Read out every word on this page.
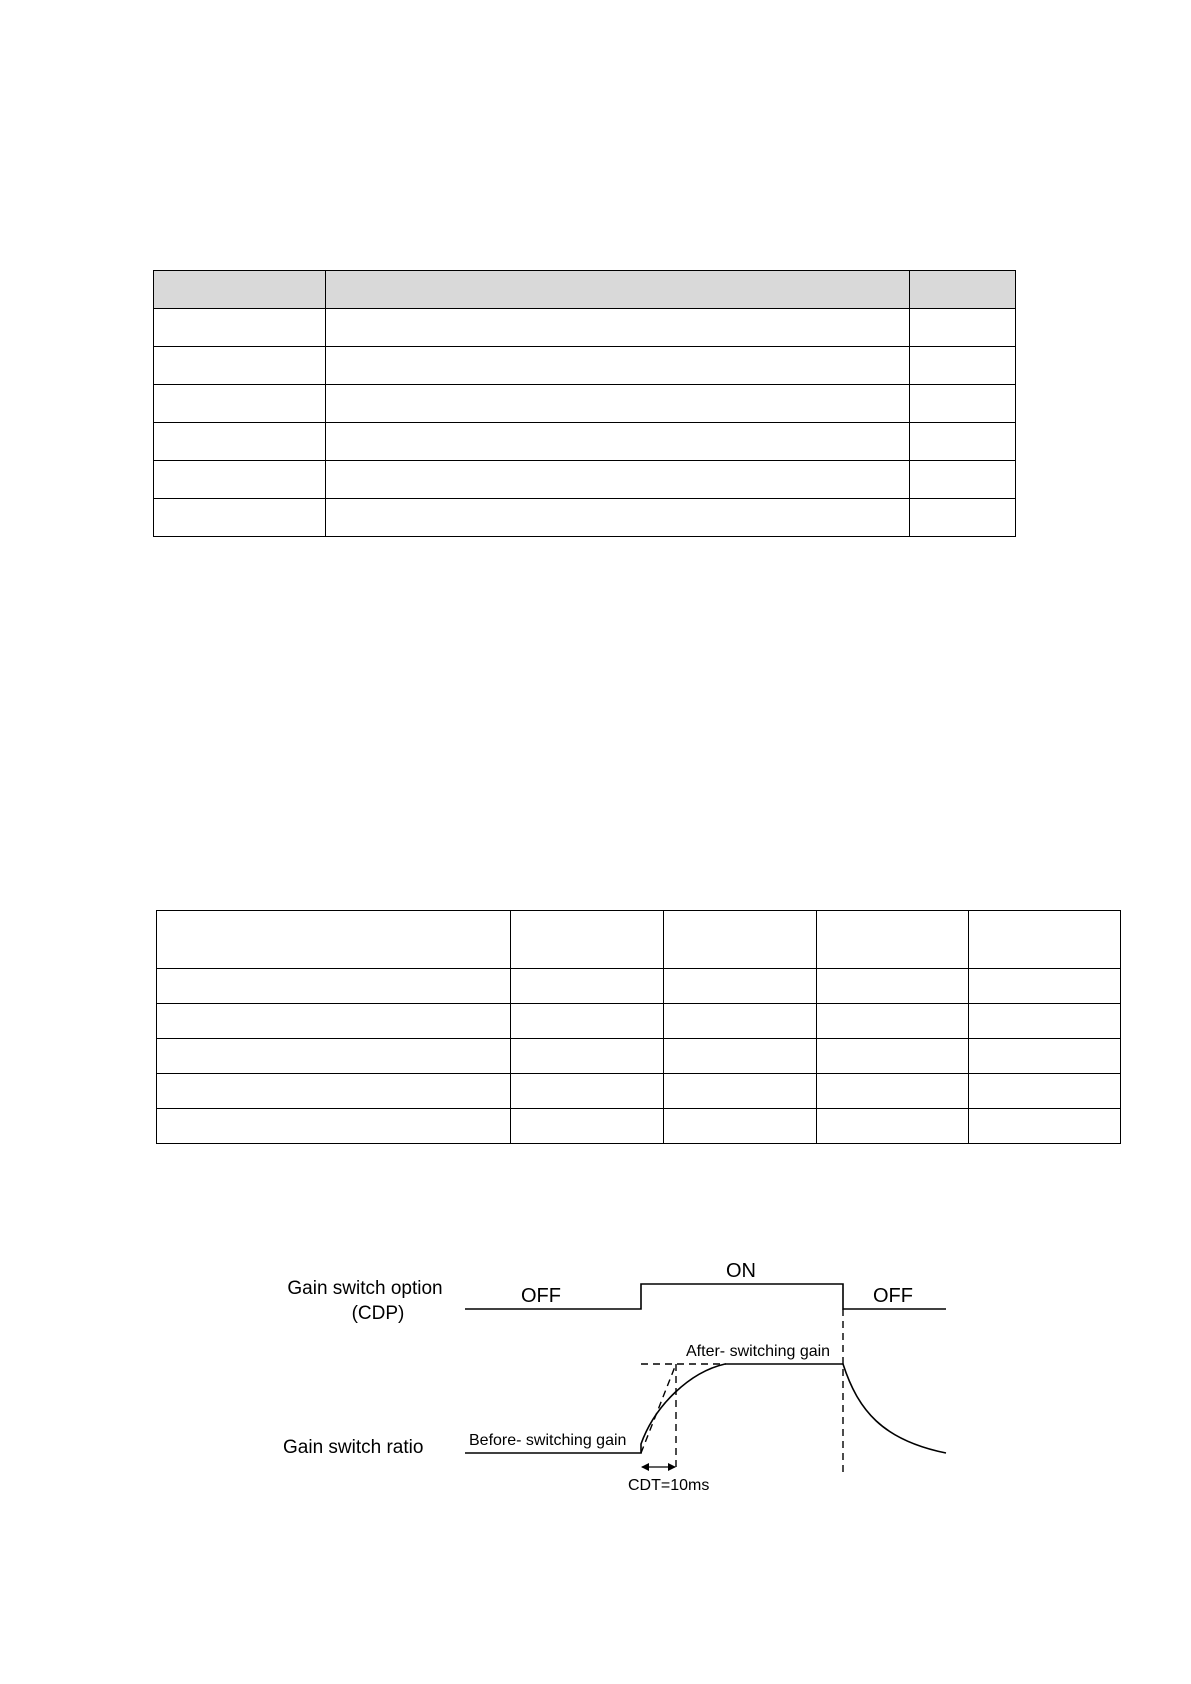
Gain switch option
(CDP)
Gain switch ratio
OFF
ON
OFF
After- switching gain
Before- switching gain
CDT=10ms
